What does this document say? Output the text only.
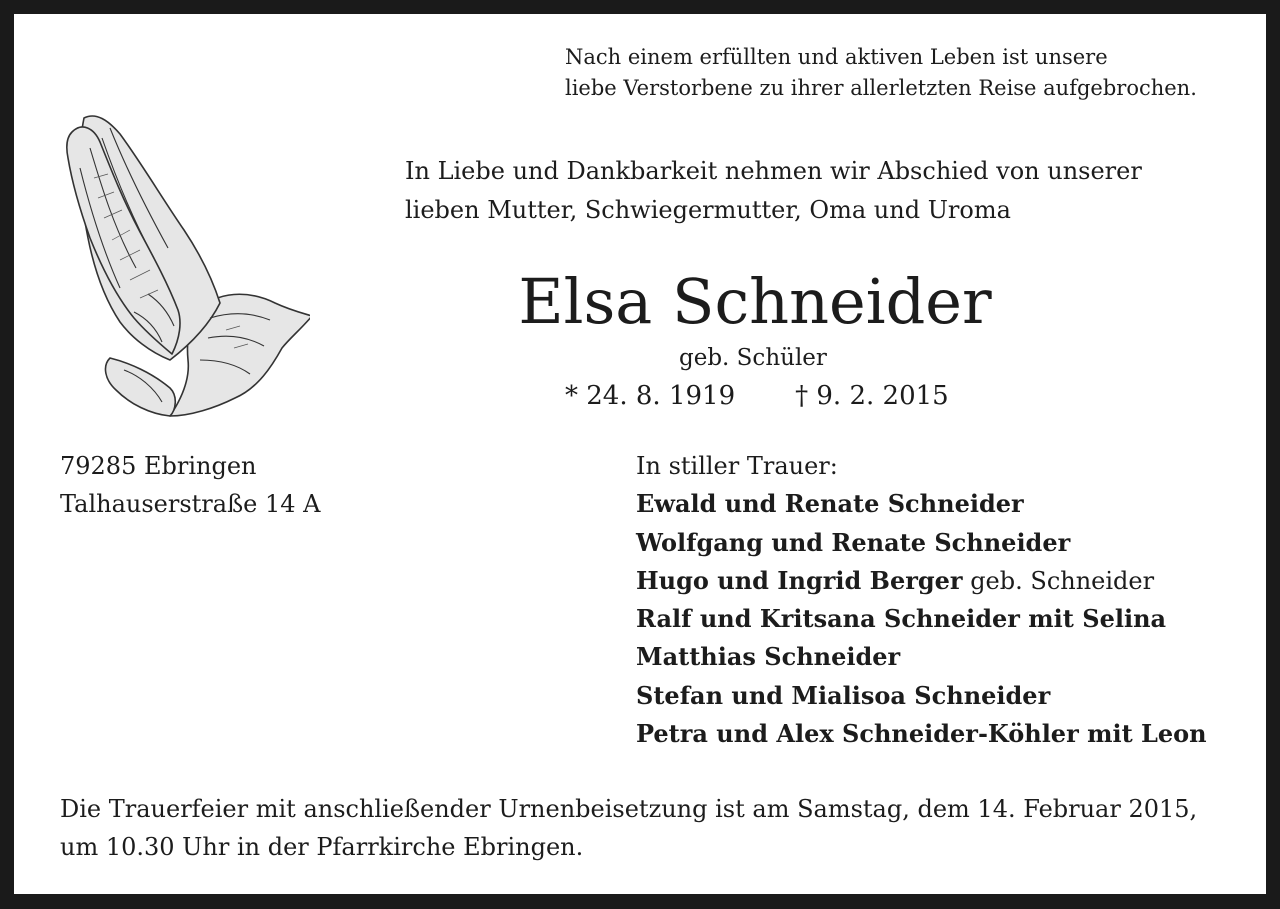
Nach einem erfüllten und aktiven Leben ist unsere
liebe Verstorbene zu ihrer allerletzten Reise aufgebrochen.
In Liebe und Dankbarkeit nehmen wir Abschied von unserer
lieben Mutter, Schwiegermutter, Oma und Uroma
Elsa Schneider
geb. Schüler
* 24. 8. 1919 † 9. 2. 2015
79285 Ebringen
Talhauserstraße 14 A
In stiller Trauer:
Ewald und Renate Schneider
Wolfgang und Renate Schneider
Hugo und Ingrid Berger geb. Schneider
Ralf und Kritsana Schneider mit Selina
Matthias Schneider
Stefan und Mialisoa Schneider
Petra und Alex Schneider-Köhler mit Leon
Die Trauerfeier mit anschließender Urnenbeisetzung ist am Samstag, dem 14. Februar 2015,
um 10.30 Uhr in der Pfarrkirche Ebringen.
